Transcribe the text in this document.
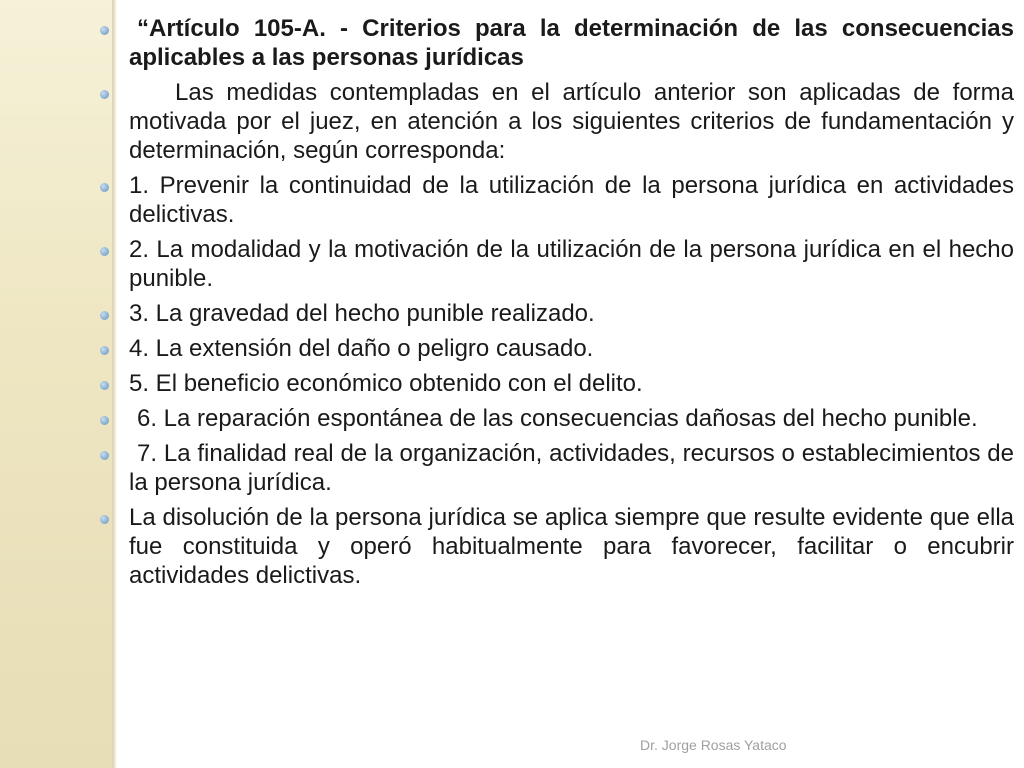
“Artículo 105-A. - Criterios para la determinación de las consecuencias aplicables a las personas jurídicas
Las medidas contempladas en el artículo anterior son aplicadas de forma motivada por el juez, en atención a los siguientes criterios de fundamentación y determinación, según corresponda:
1. Prevenir la continuidad de la utilización de la persona jurídica en actividades delictivas.
2. La modalidad y la motivación de la utilización de la persona jurídica en el hecho punible.
3. La gravedad del hecho punible realizado.
4. La extensión del daño o peligro causado.
5. El beneficio económico obtenido con el delito.
6. La reparación espontánea de las consecuencias dañosas del hecho punible.
7. La finalidad real de la organización, actividades, recursos o establecimientos de la persona jurídica.
La disolución de la persona jurídica se aplica siempre que resulte evidente que ella fue constituida y operó habitualmente para favorecer, facilitar o encubrir actividades delictivas.
Dr. Jorge Rosas Yataco
